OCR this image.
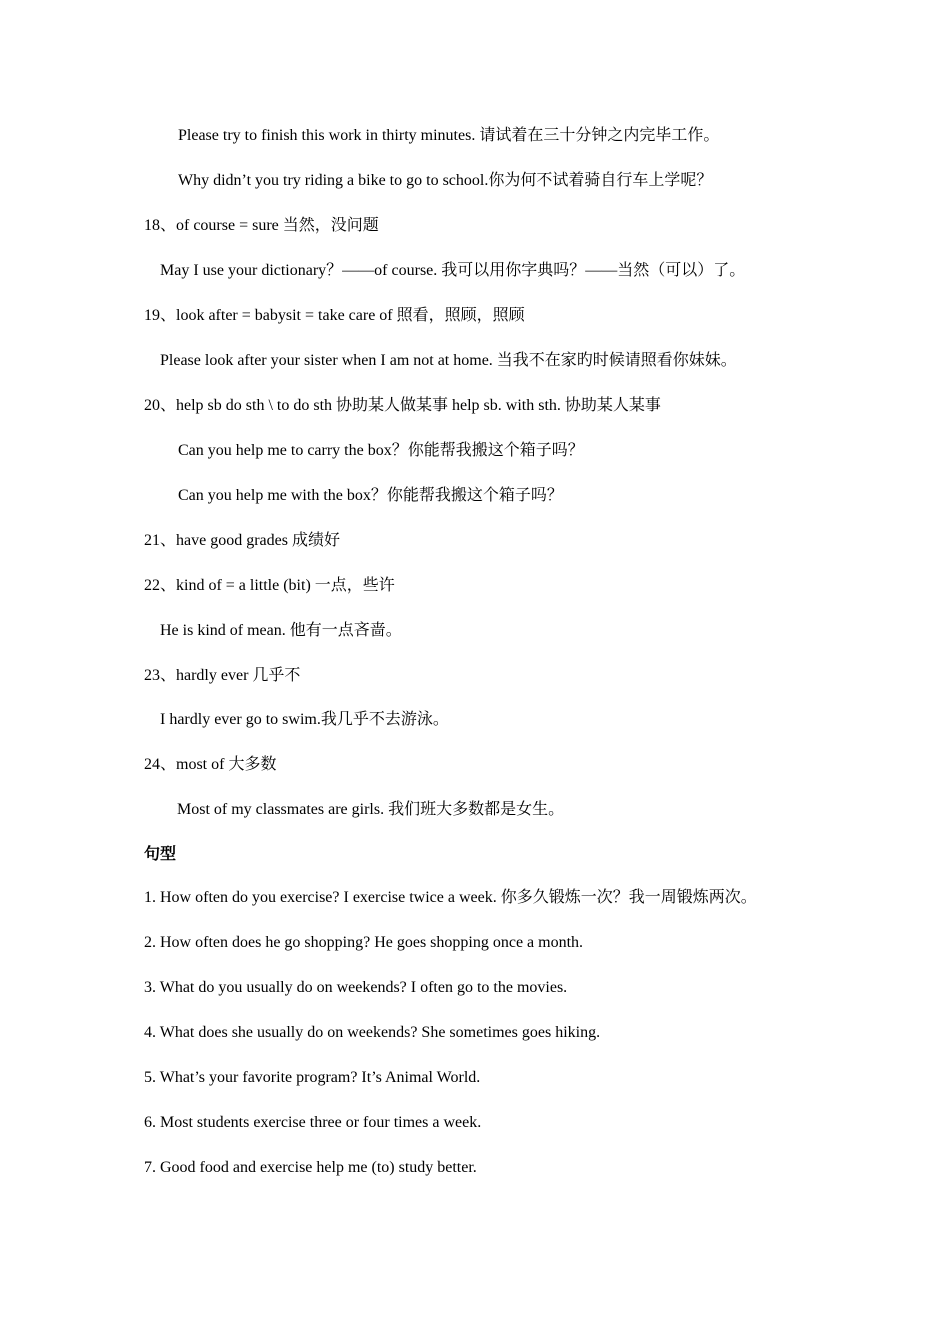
Please try to finish this work in thirty minutes. 请试着在三十分钟之内完毕工作。
Why didn’t you try riding a bike to go to school.你为何不试着骑自行车上学呢？
18、of course = sure 当然，没问题
May I use your dictionary？——of course. 我可以用你字典吗？——当然（可以）了。
19、look after = babysit = take care of 照看，照顾，照顾
Please look after your sister when I am not at home. 当我不在家旳时候请照看你妹妹。
20、help sb do sth \ to do sth 协助某人做某事 help sb. with sth. 协助某人某事
Can you help me to carry the box？你能帮我搬这个箱子吗？
Can you help me with the box？你能帮我搬这个箱子吗？
21、have good grades 成绩好
22、kind of = a little (bit) 一点，些许
He is kind of mean. 他有一点吝啬。
23、hardly ever 几乎不
I hardly ever go to swim.我几乎不去游泳。
24、most of 大多数
Most of my classmates are girls. 我们班大多数都是女生。
句型
1. How often do you exercise? I exercise twice a week. 你多久锻炼一次？我一周锻炼两次。
2. How often does he go shopping? He goes shopping once a month.
3. What do you usually do on weekends? I often go to the movies.
4. What does she usually do on weekends? She sometimes goes hiking.
5. What’s your favorite program? It’s Animal World.
6. Most students exercise three or four times a week.
7. Good food and exercise help me (to) study better.
